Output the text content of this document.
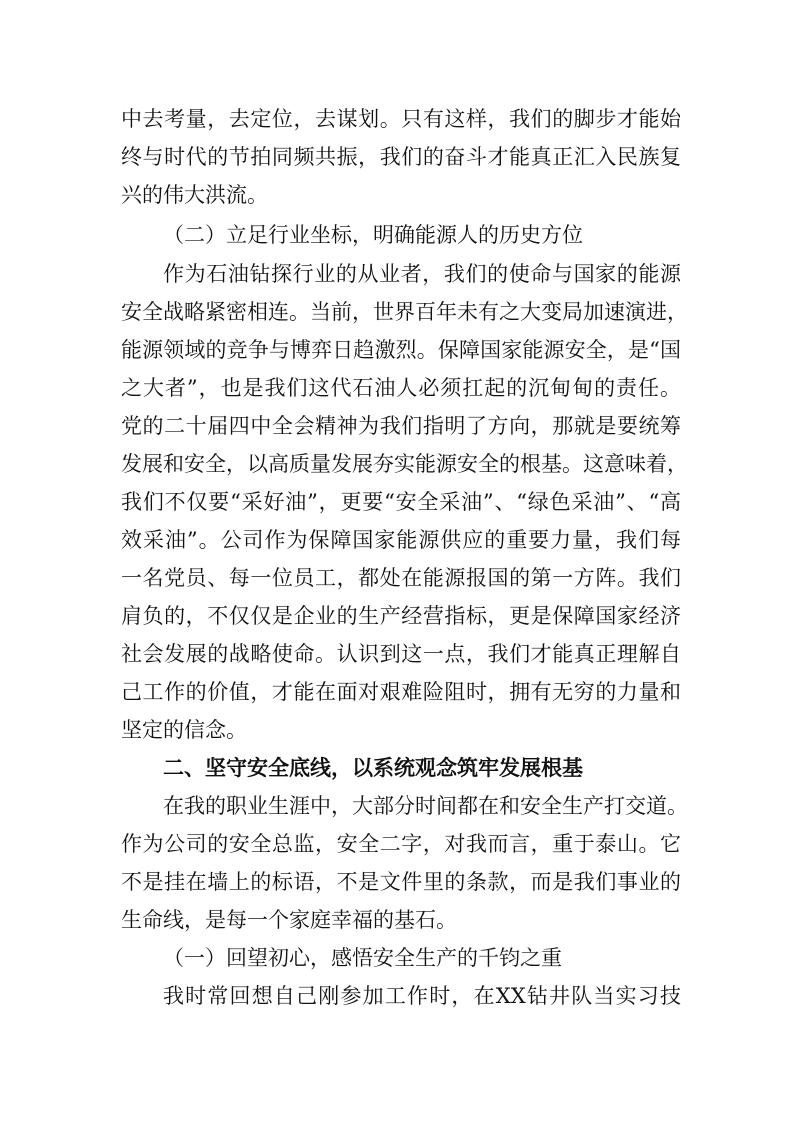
中去考量，去定位，去谋划。只有这样，我们的脚步才能始
终与时代的节拍同频共振，我们的奋斗才能真正汇入民族复
兴的伟大洪流。
（二）立足行业坐标，明确能源人的历史方位
作为石油钻探行业的从业者，我们的使命与国家的能源
安全战略紧密相连。当前，世界百年未有之大变局加速演进，
能源领域的竞争与博弈日趋激烈。保障国家能源安全，是“国
之大者”，也是我们这代石油人必须扛起的沉甸甸的责任。
党的二十届四中全会精神为我们指明了方向，那就是要统筹
发展和安全，以高质量发展夯实能源安全的根基。这意味着，
我们不仅要“采好油”，更要“安全采油”、“绿色采油”、“高
效采油”。公司作为保障国家能源供应的重要力量，我们每
一名党员、每一位员工，都处在能源报国的第一方阵。我们
肩负的，不仅仅是企业的生产经营指标，更是保障国家经济
社会发展的战略使命。认识到这一点，我们才能真正理解自
己工作的价值，才能在面对艰难险阻时，拥有无穷的力量和
坚定的信念。
二、坚守安全底线，以系统观念筑牢发展根基
在我的职业生涯中，大部分时间都在和安全生产打交道。
作为公司的安全总监，安全二字，对我而言，重于泰山。它
不是挂在墙上的标语，不是文件里的条款，而是我们事业的
生命线，是每一个家庭幸福的基石。
（一）回望初心，感悟安全生产的千钧之重
我时常回想自己刚参加工作时，在XX钻井队当实习技
